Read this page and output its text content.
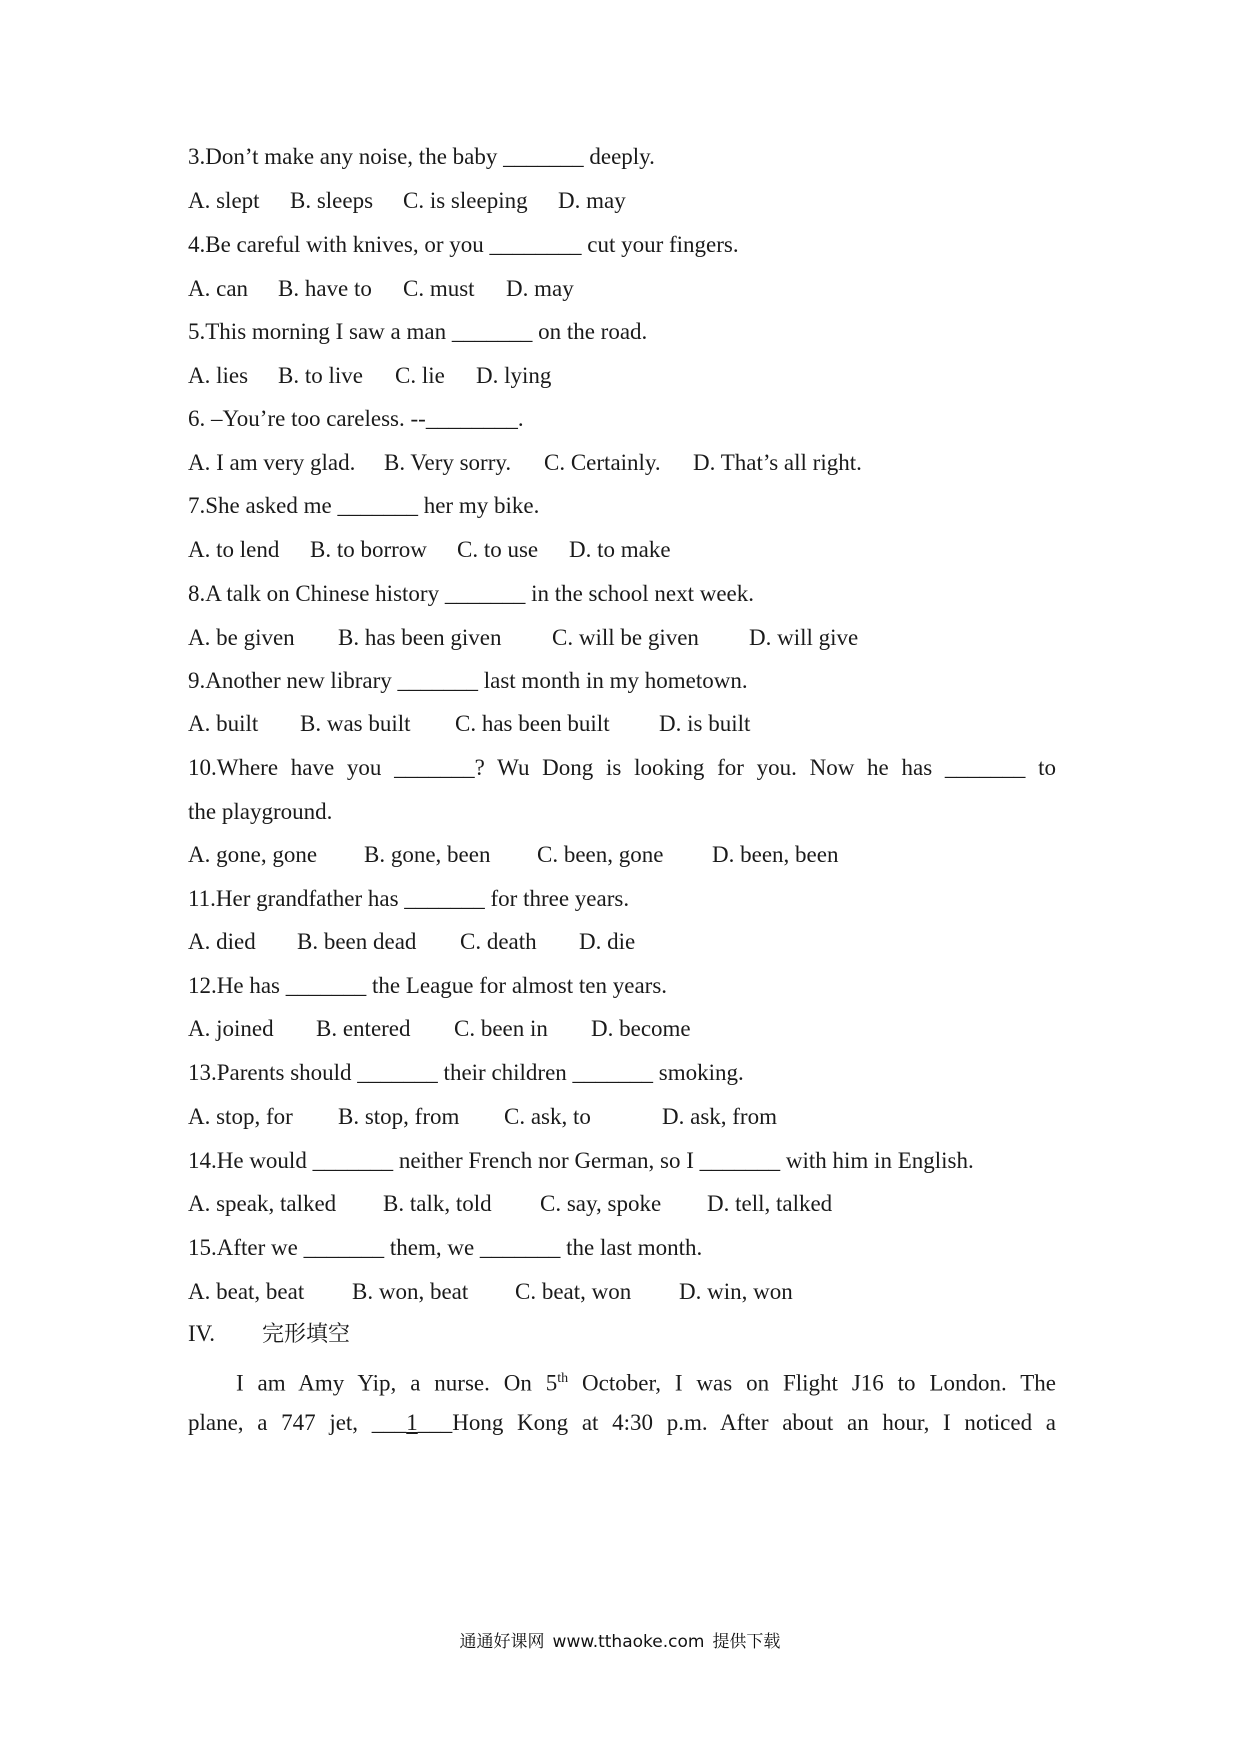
3.Don’t make any noise, the baby _______ deeply.
A. slept B. sleeps C. is sleeping D. may
4.Be careful with knives, or you ________ cut your fingers.
A. can B. have to C. must D. may
5.This morning I saw a man _______ on the road.
A. lies B. to live C. lie D. lying
6. –You’re too careless. --________.
A. I am very glad. B. Very sorry. C. Certainly. D. That’s all right.
7.She asked me _______ her my bike.
A. to lend B. to borrow C. to use D. to make
8.A talk on Chinese history _______ in the school next week.
A. be given B. has been given C. will be given D. will give
9.Another new library _______ last month in my hometown.
A. built B. was built C. has been built D. is built
10.Where have you _______? Wu Dong is looking for you. Now he has _______ to
the playground.
A. gone, gone B. gone, been C. been, gone D. been, been
11.Her grandfather has _______ for three years.
A. died B. been dead C. death D. die
12.He has _______ the League for almost ten years.
A. joined B. entered C. been in D. become
13.Parents should _______ their children _______ smoking.
A. stop, for B. stop, from C. ask, to	D. ask, from
14.He would _______ neither French nor German, so I _______ with him in English.
A. speak, talked B. talk, told C. say, spoke D. tell, talked
15.After we _______ them, we _______ the last month.
A. beat, beat B. won, beat C. beat, won D. win, won
IV. 完形填空
I am Amy Yip, a nurse. On 5th October, I was on Flight J16 to London. The
plane, a 747 jet, ___1___Hong Kong at 4:30 p.m. After about an hour, I noticed a
通通好课网 www.tthaoke.com 提供下载
